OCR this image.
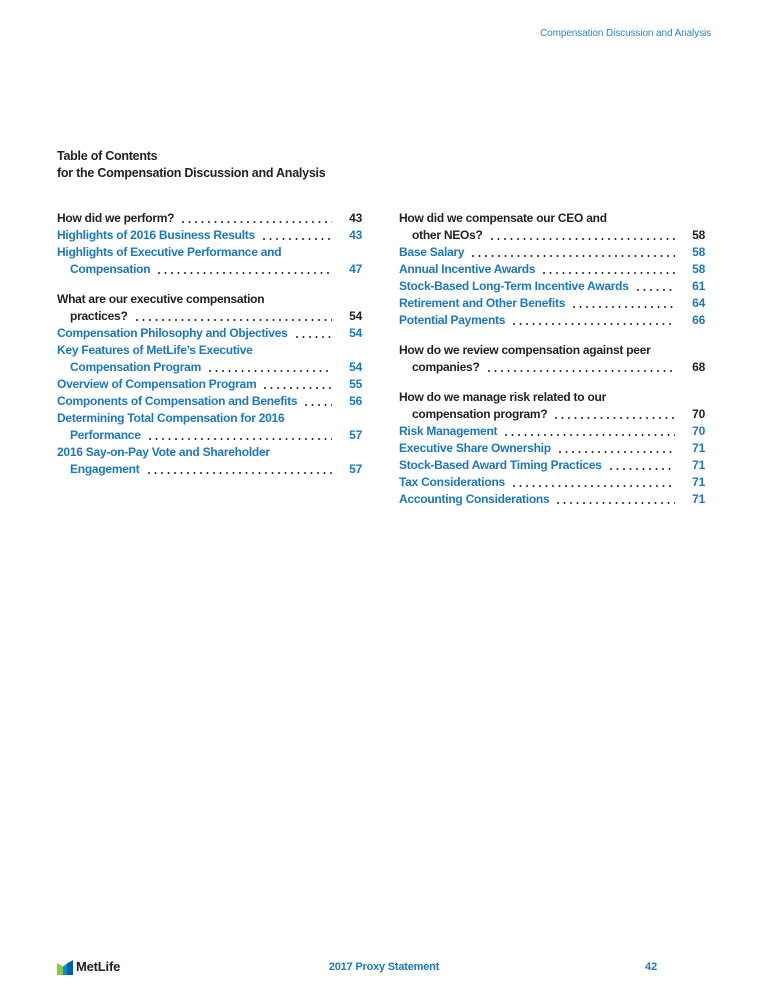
Compensation Discussion and Analysis
Table of Contents
for the Compensation Discussion and Analysis
How did we perform?	43
Highlights of 2016 Business Results	43
Highlights of Executive Performance and
Compensation	47
What are our executive compensation
practices?	54
Compensation Philosophy and Objectives	54
Key Features of MetLife’s Executive
Compensation Program	54
Overview of Compensation Program	55
Components of Compensation and Benefits	56
Determining Total Compensation for 2016
Performance	57
2016 Say-on-Pay Vote and Shareholder
Engagement	57
How did we compensate our CEO and
other NEOs?	58
Base Salary	58
Annual Incentive Awards	58
Stock-Based Long-Term Incentive Awards	61
Retirement and Other Benefits	64
Potential Payments	66
How do we review compensation against peer
companies?	68
How do we manage risk related to our
compensation program?	70
Risk Management	70
Executive Share Ownership	71
Stock-Based Award Timing Practices	71
Tax Considerations	71
Accounting Considerations	71
MetLife	2017 Proxy Statement	42
